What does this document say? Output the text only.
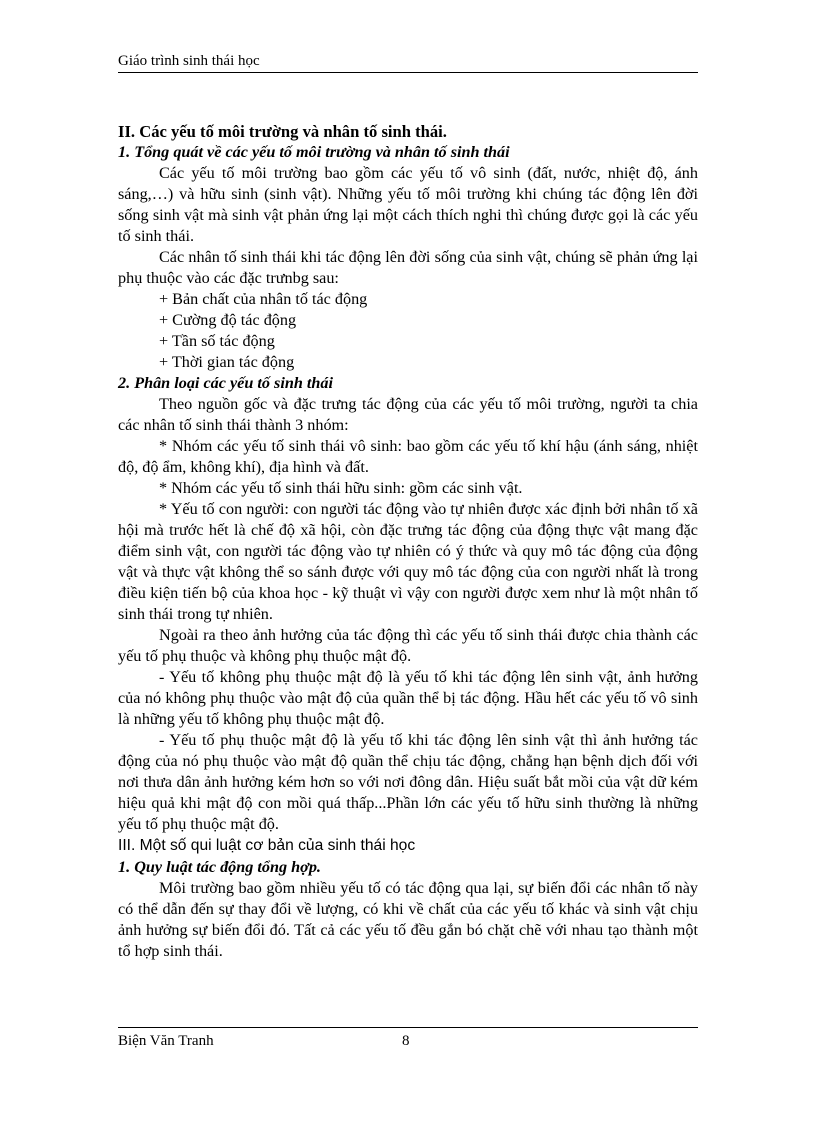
Giáo trình sinh thái học

II. Các yếu tố môi trường và nhân tố sinh thái.

1. Tổng quát về các yếu tố môi trường và nhân tố sinh thái

Các yếu tố môi trường bao gồm các yếu tố vô sinh (đất, nước, nhiệt độ, ánh sáng,…) và hữu sinh (sinh vật). Những yếu tố môi trường khi chúng tác động lên đời sống sinh vật mà sinh vật phản ứng lại một cách thích nghi thì chúng được gọi là các yếu tố sinh thái.

Các nhân tố sinh thái khi tác động lên đời sống của sinh vật, chúng sẽ phản ứng lại phụ thuộc vào các đặc trưnbg sau:

+ Bản chất của nhân tố tác động

+ Cường độ tác động

+ Tần số tác động

+ Thời gian tác động

2. Phân loại các yếu tố sinh thái

Theo nguồn gốc và đặc trưng tác động của các yếu tố môi trường, người ta chia các nhân tố sinh thái thành 3 nhóm:

* Nhóm các yếu tố sinh thái vô sinh: bao gồm các yếu tố khí hậu (ánh sáng, nhiệt độ, độ ẩm, không khí), địa hình và đất.

* Nhóm các yếu tố sinh thái hữu sinh: gồm các sinh vật.

* Yếu tố con người: con người tác động vào tự nhiên được xác định bởi nhân tố xã hội mà trước hết là chế độ xã hội, còn đặc trưng tác động của động thực vật mang đặc điểm sinh vật, con người tác động vào tự nhiên có ý thức và quy mô tác động của động vật và thực vật không thể so sánh được với quy mô tác động của con người nhất là trong điều kiện tiến bộ của khoa học - kỹ thuật vì vậy con người được xem như là một nhân tố sinh thái trong tự nhiên.

Ngoài ra theo ảnh hưởng của tác động thì các yếu tố sinh thái được chia thành các yếu tố phụ thuộc và không phụ thuộc mật độ.

- Yếu tố không phụ thuộc mật độ là yếu tố khi tác động lên sinh vật, ảnh hưởng của nó không phụ thuộc vào mật độ của quần thể bị tác động. Hầu hết các yếu tố vô sinh là những yếu tố không phụ thuộc mật độ.

- Yếu tố phụ thuộc mật độ là yếu tố khi tác động lên sinh vật thì ảnh hưởng tác động của nó phụ thuộc vào mật độ quần thể chịu tác động, chẳng hạn bệnh dịch đối với nơi thưa dân ảnh hưởng kém hơn so với nơi đông dân. Hiệu suất bắt mồi của vật dữ kém hiệu quả khi mật độ con mồi quá thấp...Phần lớn các yếu tố hữu sinh thường là những yếu tố phụ thuộc mật độ.

III. Một số qui luật cơ bản của sinh thái học

1. Quy luật tác động tổng hợp.

Môi trường bao gồm nhiều yếu tố có tác động qua lại, sự biến đổi các nhân tố này có thể dẫn đến sự thay đổi về lượng, có khi về chất của các yếu tố khác và sinh vật chịu ảnh hưởng sự biến đổi đó. Tất cả các yếu tố đều gắn bó chặt chẽ với nhau tạo thành một tổ hợp sinh thái.

Biện Văn Tranh	8
